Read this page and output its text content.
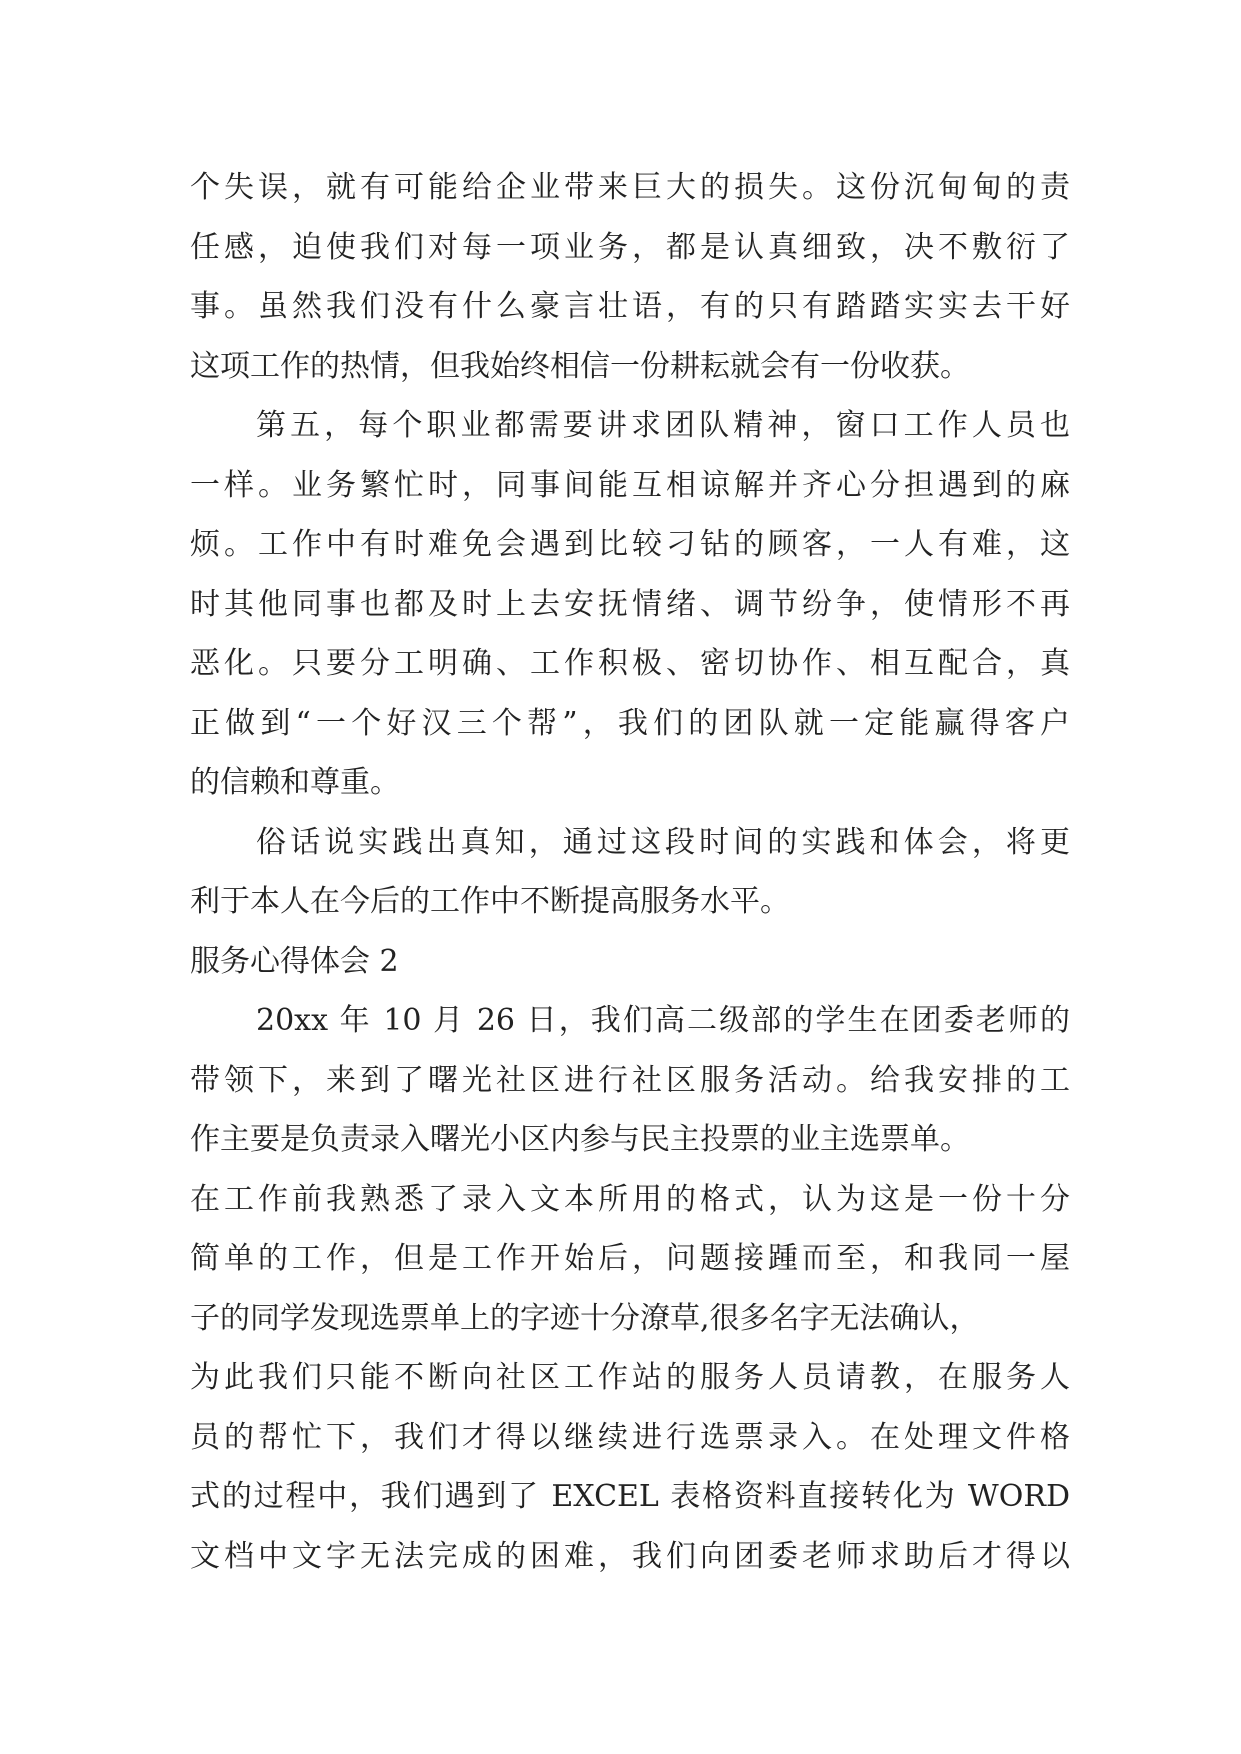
个失误，就有可能给企业带来巨大的损失。这份沉甸甸的责
任感，迫使我们对每一项业务，都是认真细致，决不敷衍了
事。虽然我们没有什么豪言壮语，有的只有踏踏实实去干好
这项工作的热情，但我始终相信一份耕耘就会有一份收获。
第五，每个职业都需要讲求团队精神，窗口工作人员也
一样。业务繁忙时，同事间能互相谅解并齐心分担遇到的麻
烦。工作中有时难免会遇到比较刁钻的顾客，一人有难，这
时其他同事也都及时上去安抚情绪、调节纷争，使情形不再
恶化。只要分工明确、工作积极、密切协作、相互配合，真
正做到“一个好汉三个帮”，我们的团队就一定能赢得客户
的信赖和尊重。
俗话说实践出真知，通过这段时间的实践和体会，将更
利于本人在今后的工作中不断提高服务水平。
服务心得体会 2
20xx 年 10 月 26 日，我们高二级部的学生在团委老师的
带领下，来到了曙光社区进行社区服务活动。给我安排的工
作主要是负责录入曙光小区内参与民主投票的业主选票单。
在工作前我熟悉了录入文本所用的格式，认为这是一份十分
简单的工作，但是工作开始后，问题接踵而至，和我同一屋
子的同学发现选票单上的字迹十分潦草,很多名字无法确认，
为此我们只能不断向社区工作站的服务人员请教，在服务人
员的帮忙下，我们才得以继续进行选票录入。在处理文件格
式的过程中，我们遇到了 EXCEL 表格资料直接转化为 WORD
文档中文字无法完成的困难，我们向团委老师求助后才得以
